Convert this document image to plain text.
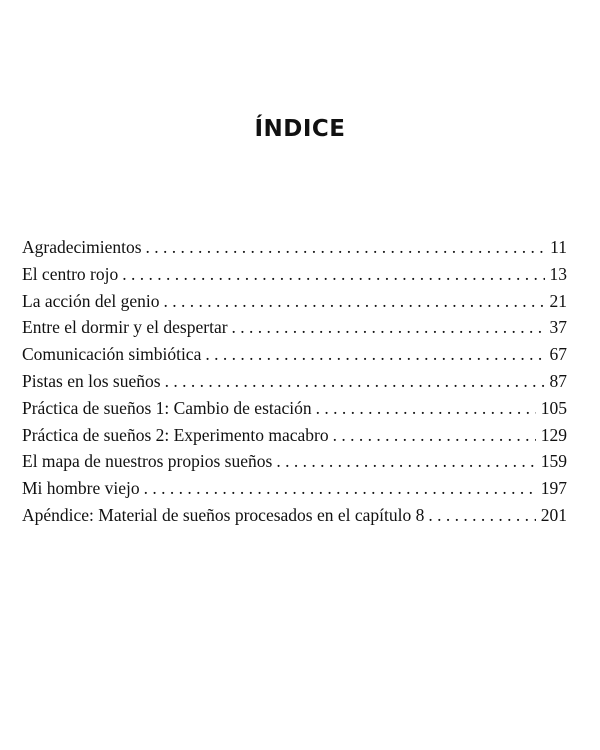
ÍNDICE
Agradecimientos . . .	11
El centro rojo . . .	13
La acción del genio . . .	21
Entre el dormir y el despertar . . .	37
Comunicación simbiótica . . .	67
Pistas en los sueños . . .	87
Práctica de sueños 1: Cambio de estación . . .	105
Práctica de sueños 2: Experimento macabro . . .	129
El mapa de nuestros propios sueños . . .	159
Mi hombre viejo . . .	197
Apéndice: Material de sueños procesados en el capítulo 8 . . .	201
